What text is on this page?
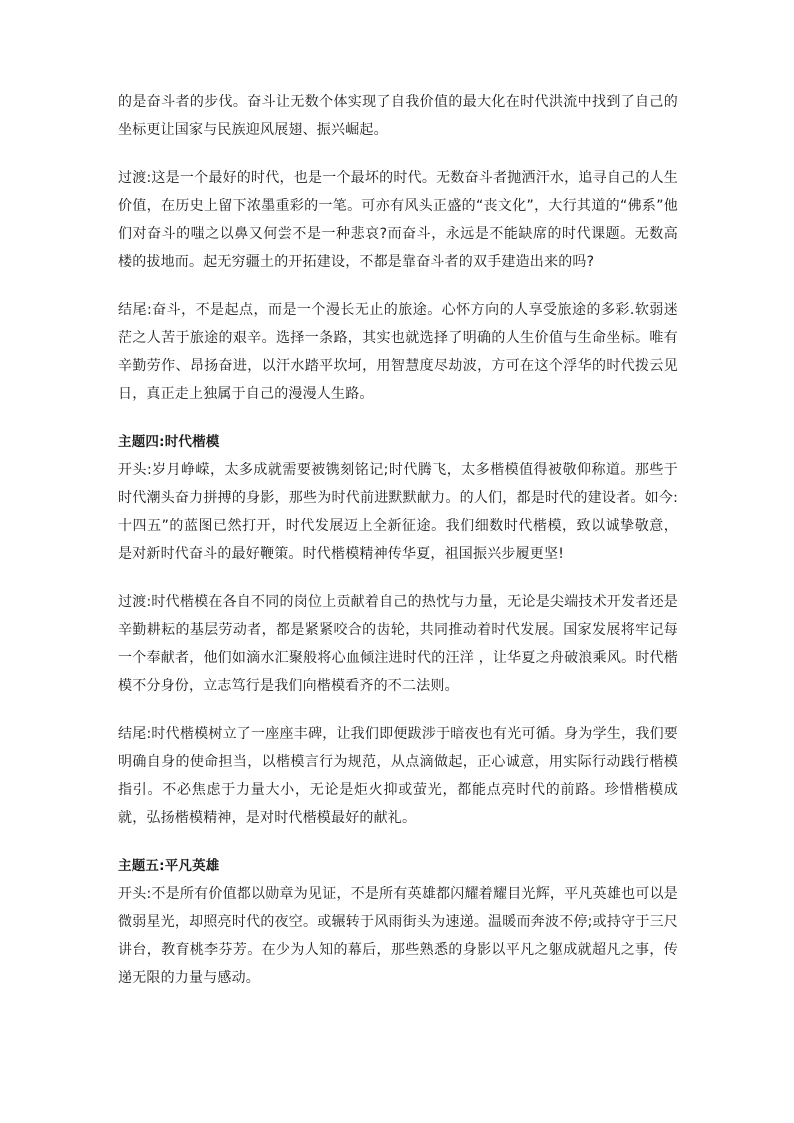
的是奋斗者的步伐。奋斗让无数个体实现了自我价值的最大化在时代洪流中找到了自己的坐标更让国家与民族迎风展翅、振兴崛起。

过渡:这是一个最好的时代，也是一个最坏的时代。无数奋斗者抛洒汗水，追寻自己的人生价值，在历史上留下浓墨重彩的一笔。可亦有风头正盛的“丧文化”，大行其道的“佛系”他们对奋斗的嗤之以鼻又何尝不是一种悲哀?而奋斗，永远是不能缺席的时代课题。无数高楼的拔地而。起无穷疆土的开拓建设，不都是靠奋斗者的双手建造出来的吗?

结尾:奋斗，不是起点，而是一个漫长无止的旅途。心怀方向的人享受旅途的多彩.软弱迷茫之人苦于旅途的艰辛。选择一条路，其实也就选择了明确的人生价值与生命坐标。唯有辛勤劳作、昂扬奋进，以汗水踏平坎坷，用智慧度尽劫波，方可在这个浮华的时代拨云见日，真正走上独属于自己的漫漫人生路。

主题四:时代楷模

开头:岁月峥嵘，太多成就需要被镌刻铭记;时代腾飞，太多楷模值得被敬仰称道。那些于时代潮头奋力拼搏的身影，那些为时代前进默默献力。的人们，都是时代的建设者。如今:十四五”的蓝图已然打开，时代发展迈上全新征途。我们细数时代楷模，致以诚挚敬意，是对新时代奋斗的最好鞭策。时代楷模精神传华夏，祖国振兴步履更坚!

过渡:时代楷模在各自不同的岗位上贡献着自己的热忱与力量，无论是尖端技术开发者还是辛勤耕耘的基层劳动者，都是紧紧咬合的齿轮，共同推动着时代发展。国家发展将牢记每一个奉献者，他们如滴水汇聚般将心血倾注进时代的汪洋 ，让华夏之舟破浪乘风。时代楷模不分身份，立志笃行是我们向楷模看齐的不二法则。

结尾:时代楷模树立了一座座丰碑，让我们即便跋涉于暗夜也有光可循。身为学生，我们要明确自身的使命担当，以楷模言行为规范，从点滴做起，正心诚意，用实际行动践行楷模指引。不必焦虑于力量大小，无论是炬火抑或萤光，都能点亮时代的前路。珍惜楷模成就，弘扬楷模精神，是对时代楷模最好的献礼。

主题五:平凡英雄

开头:不是所有价值都以勋章为见证，不是所有英雄都闪耀着耀目光辉，平凡英雄也可以是微弱星光，却照亮时代的夜空。或辗转于风雨街头为速递。温暖而奔波不停;或持守于三尺讲台，教育桃李芬芳。在少为人知的幕后，那些熟悉的身影以平凡之躯成就超凡之事，传递无限的力量与感动。
